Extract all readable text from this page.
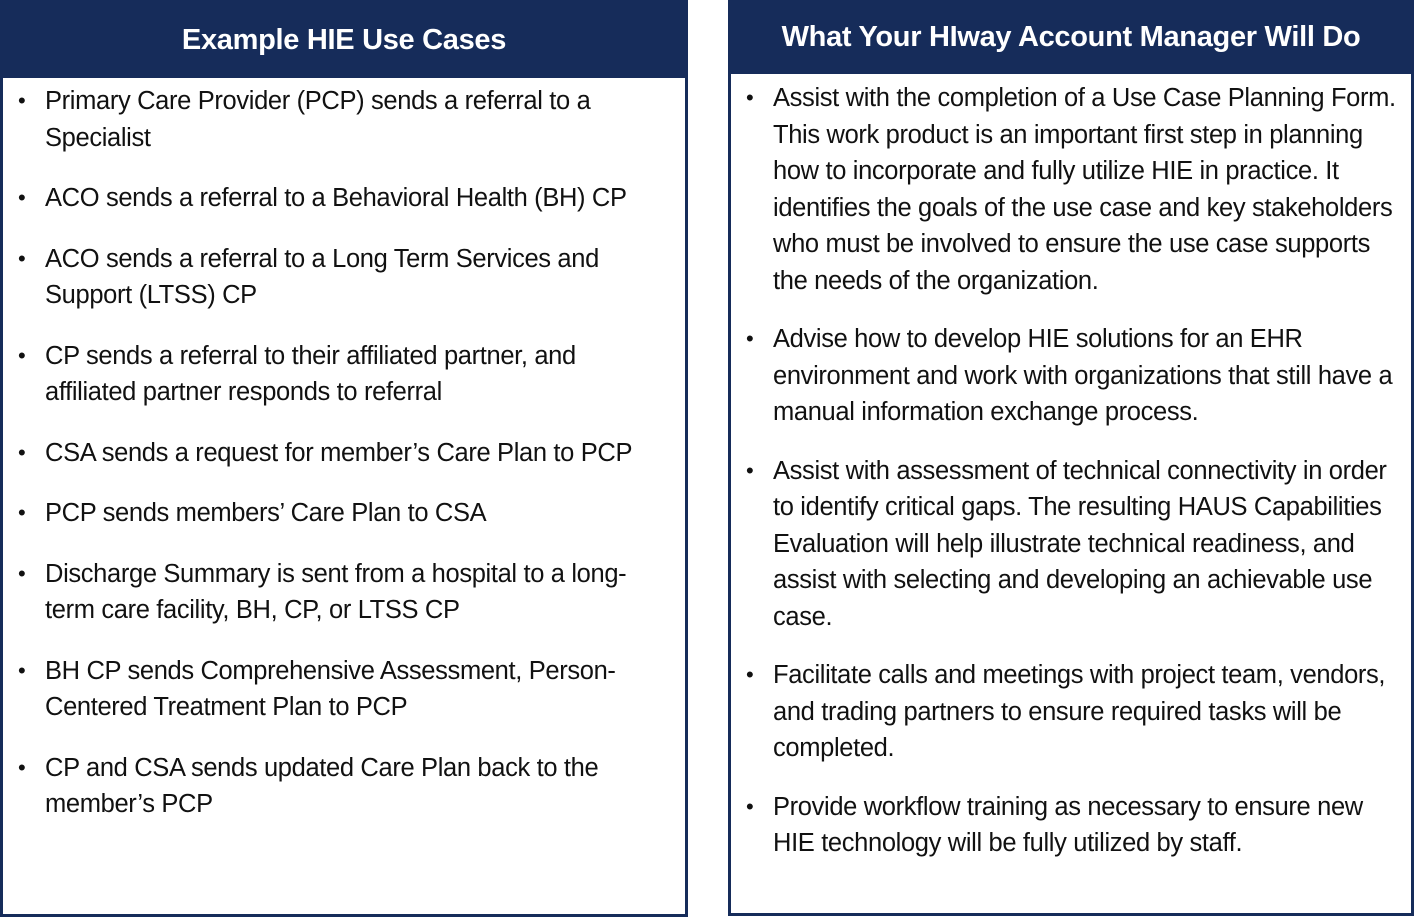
Example HIE Use Cases
• Primary Care Provider (PCP) sends a referral to a Specialist
• ACO sends a referral to a Behavioral Health (BH) CP
• ACO sends a referral to a Long Term Services and Support (LTSS) CP
• CP sends a referral to their affiliated partner, and affiliated partner responds to referral
• CSA sends a request for member’s Care Plan to PCP
• PCP sends members’ Care Plan to CSA
• Discharge Summary is sent from a hospital to a long-term care facility, BH, CP, or LTSS CP
• BH CP sends Comprehensive Assessment, Person-Centered Treatment Plan to PCP
• CP and CSA sends updated Care Plan back to the member’s PCP
What Your HIway Account Manager Will Do
• Assist with the completion of a Use Case Planning Form. This work product is an important first step in planning how to incorporate and fully utilize HIE in practice. It identifies the goals of the use case and key stakeholders who must be involved to ensure the use case supports the needs of the organization.
• Advise how to develop HIE solutions for an EHR environment and work with organizations that still have a manual information exchange process.
• Assist with assessment of technical connectivity in order to identify critical gaps. The resulting HAUS Capabilities Evaluation will help illustrate technical readiness, and assist with selecting and developing an achievable use case.
• Facilitate calls and meetings with project team, vendors, and trading partners to ensure required tasks will be completed.
• Provide workflow training as necessary to ensure new HIE technology will be fully utilized by staff.
